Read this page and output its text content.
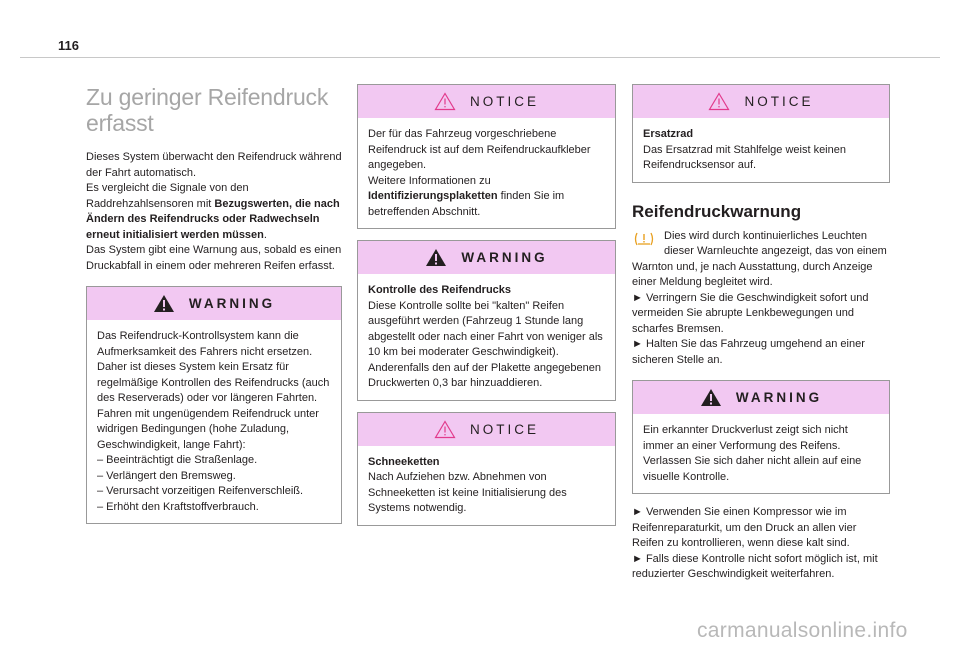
116
Zu geringer Reifendruck
erfasst

Dieses System überwacht den Reifendruck während der Fahrt automatisch.
Es vergleicht die Signale von den Raddrehzahlsensoren mit Bezugswerten, die nach Ändern des Reifendrucks oder Radwechseln erneut initialisiert werden müssen.
Das System gibt eine Warnung aus, sobald es einen Druckabfall in einem oder mehreren Reifen erfasst.

WARNING

Das Reifendruck-Kontrollsystem kann die Aufmerksamkeit des Fahrers nicht ersetzen.
Daher ist dieses System kein Ersatz für regelmäßige Kontrollen des Reifendrucks (auch des Reserverads) oder vor längeren Fahrten.
Fahren mit ungenügendem Reifendruck unter widrigen Bedingungen (hohe Zuladung, Geschwindigkeit, lange Fahrt):
– Beeinträchtigt die Straßenlage.
– Verlängert den Bremsweg.
– Verursacht vorzeitigen Reifenverschleiß.
– Erhöht den Kraftstoffverbrauch.

NOTICE

Der für das Fahrzeug vorgeschriebene Reifendruck ist auf dem Reifendruckaufkleber angegeben.
Weitere Informationen zu Identifizierungsplaketten finden Sie im betreffenden Abschnitt.

WARNING

Kontrolle des Reifendrucks
Diese Kontrolle sollte bei "kalten" Reifen ausgeführt werden (Fahrzeug 1 Stunde lang abgestellt oder nach einer Fahrt von weniger als 10 km bei moderater Geschwindigkeit).
Anderenfalls den auf der Plakette angegebenen Druckwerten 0,3 bar hinzuaddieren.

NOTICE

Schneeketten
Nach Aufziehen bzw. Abnehmen von Schneeketten ist keine Initialisierung des Systems notwendig.

NOTICE

Ersatzrad
Das Ersatzrad mit Stahlfelge weist keinen Reifendrucksensor auf.

Reifendruckwarnung

Dies wird durch kontinuierliches Leuchten dieser Warnleuchte angezeigt, das von einem Warnton und, je nach Ausstattung, durch Anzeige einer Meldung begleitet wird.
► Verringern Sie die Geschwindigkeit sofort und vermeiden Sie abrupte Lenkbewegungen und scharfes Bremsen.
► Halten Sie das Fahrzeug umgehend an einer sicheren Stelle an.

WARNING

Ein erkannter Druckverlust zeigt sich nicht immer an einer Verformung des Reifens.
Verlassen Sie sich daher nicht allein auf eine visuelle Kontrolle.

► Verwenden Sie einen Kompressor wie im Reifenreparaturkit, um den Druck an allen vier Reifen zu kontrollieren, wenn diese kalt sind.
► Falls diese Kontrolle nicht sofort möglich ist, mit reduzierter Geschwindigkeit weiterfahren.

carmanualsonline.info
